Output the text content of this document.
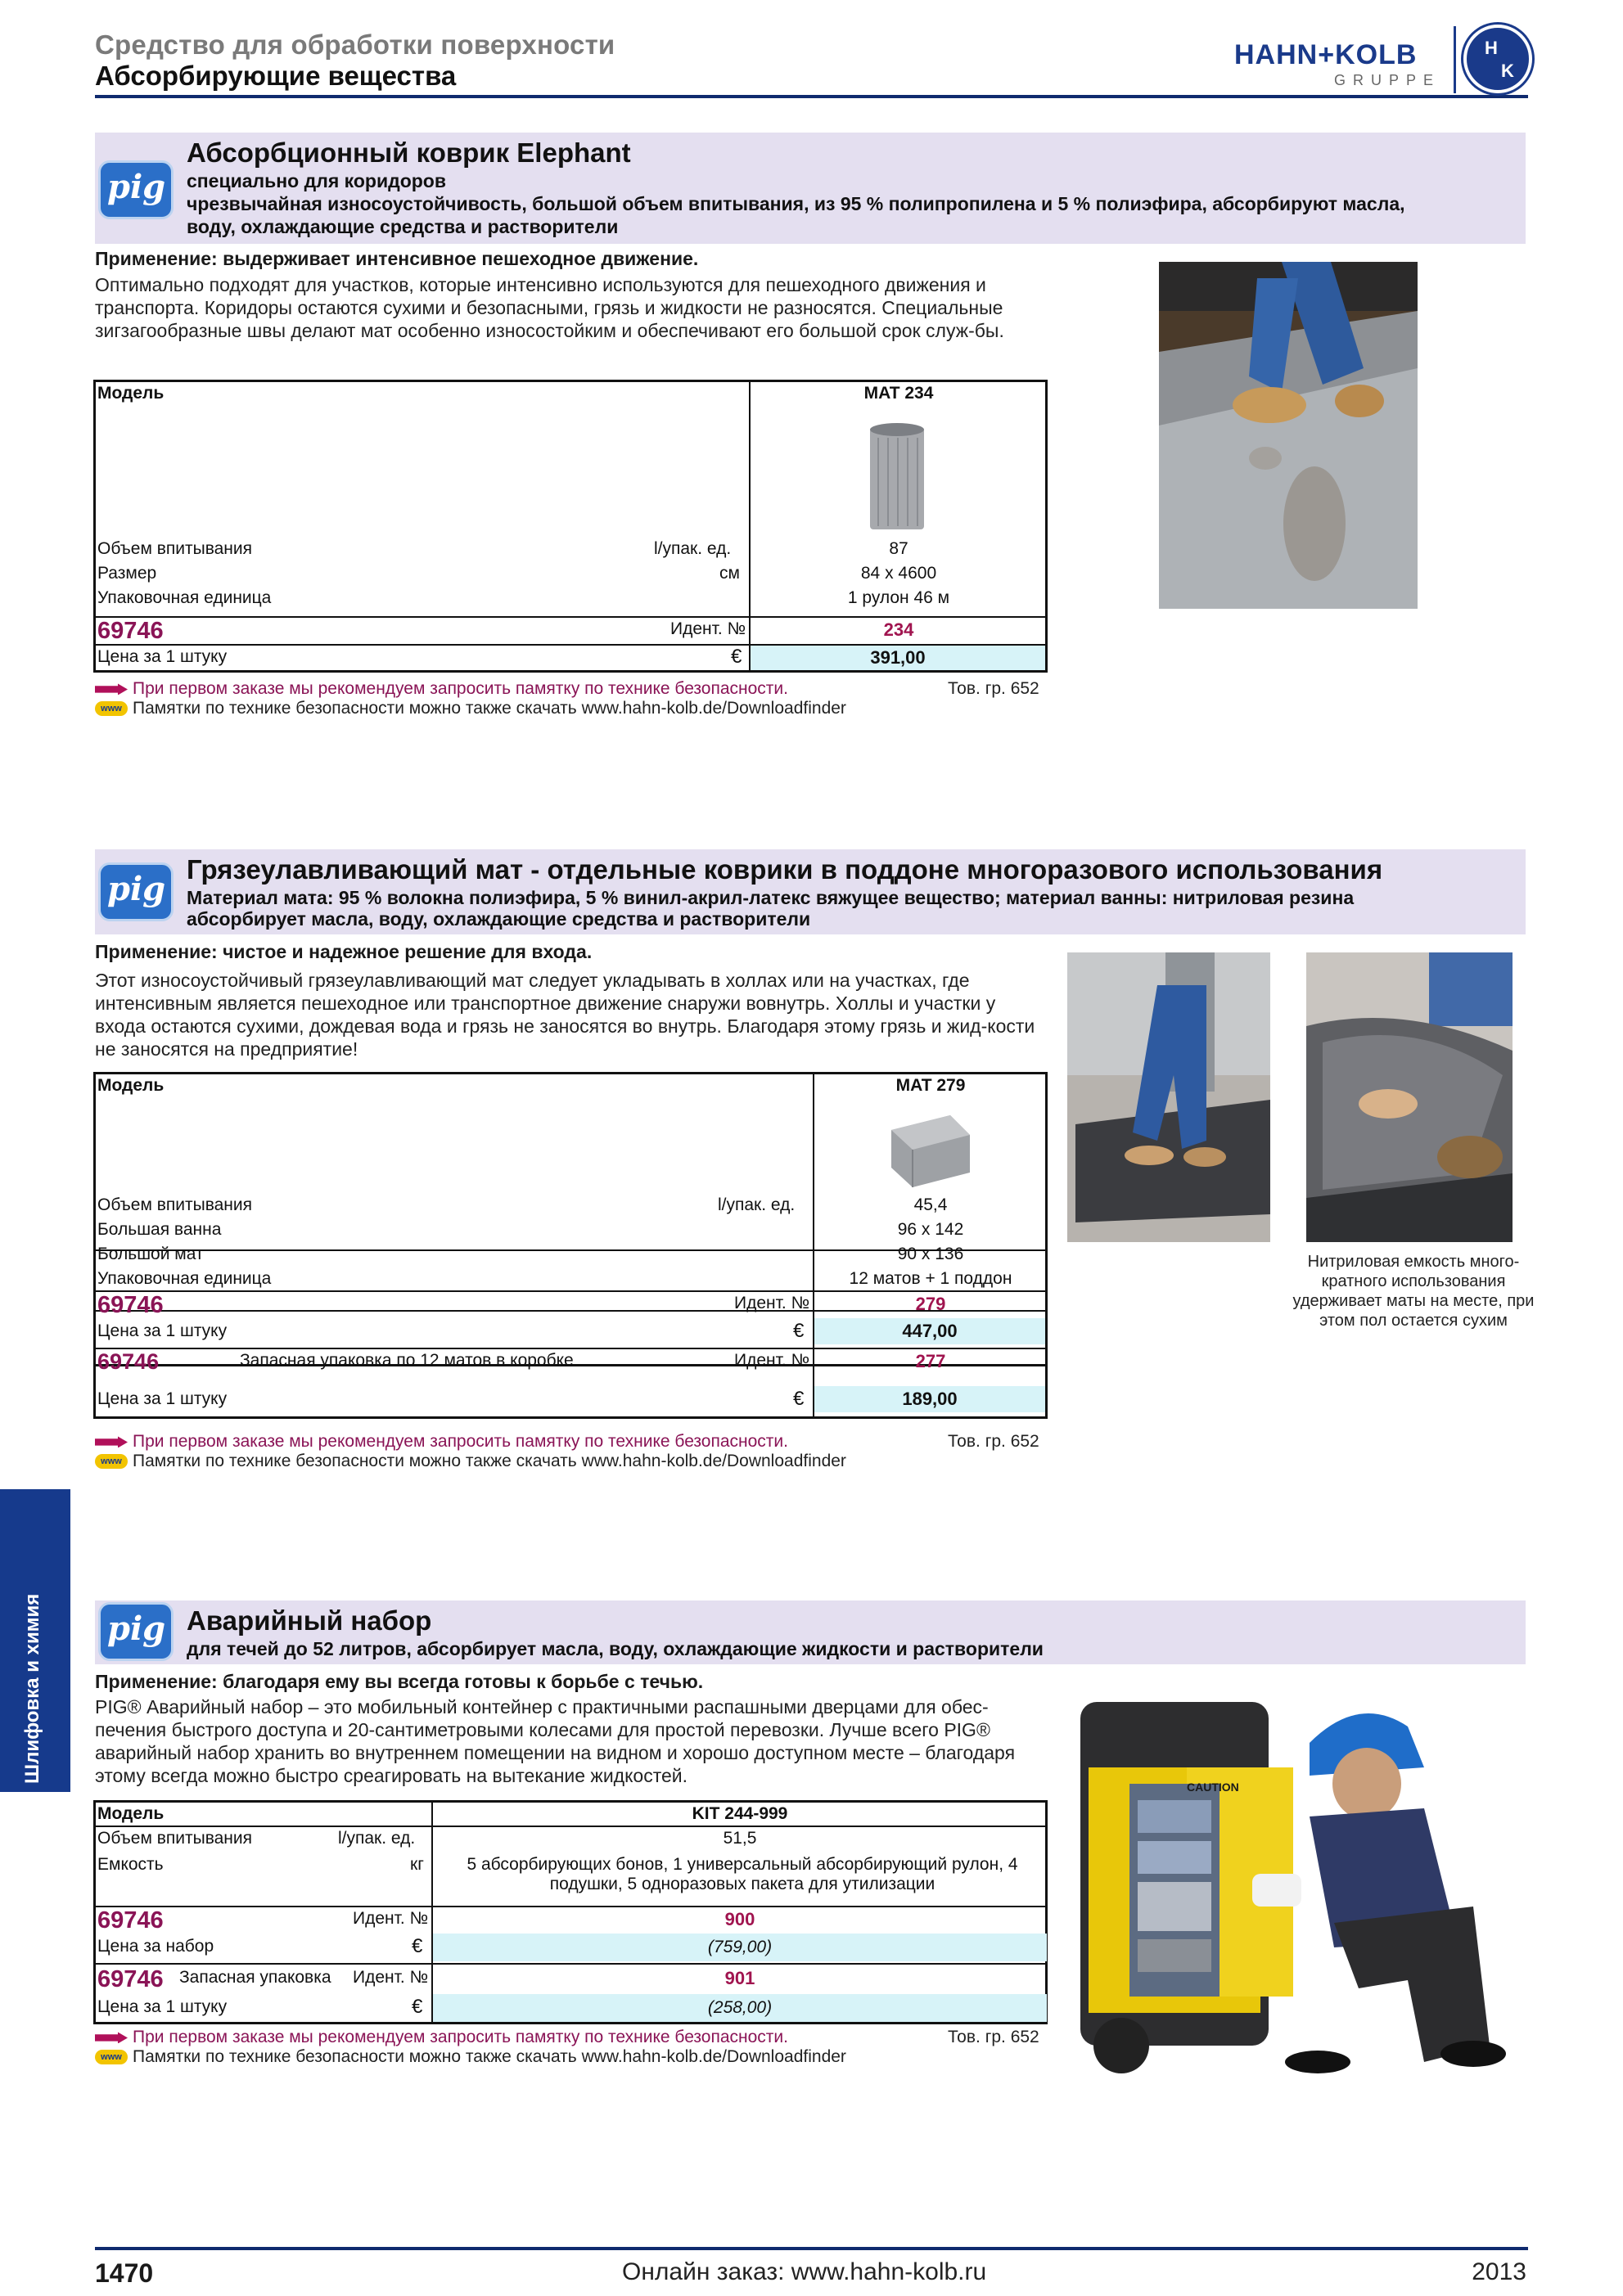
Средство для обработки поверхности
Абсорбирующие вещества
HAHN+KOLB
GRUPPE
H
K
Шлифовка и химия
pig
Абсорбционный коврик Elephant
специально для коридоров
чрезвычайная износоустойчивость, большой объем впитывания, из 95 % полипропилена и 5 % полиэфира, абсорбируют масла,
воду, охлаждающие средства и растворители
Применение: выдерживает интенсивное пешеходное движение.
Оптимально подходят для участков, которые интенсивно используются для пешеходного движения и транспорта. Коридоры остаются сухими и безопасными, грязь и жидкости не разносятся. Специальные зигзагообразные швы делают мат особенно износостойким и обеспечивают его большой срок служ-бы.
Модель	MAT 234
Объем впитывания	l/упак. ед.	87
Размер	см	84 x 4600
Упаковочная единица	1 рулон 46 м
69746	Идент. №	234
Цена за 1 штуку	€	391,00
При первом заказе мы рекомендуем запросить памятку по технике безопасности.
www Памятки по технике безопасности можно также скачать www.hahn-kolb.de/Downloadfinder
Тов. гр. 652
pig
Грязеулавливающий мат - отдельные коврики в поддоне многоразового использования
Материал мата: 95 % волокна полиэфира, 5 % винил-акрил-латекс вяжущее вещество; материал ванны: нитриловая резина
абсорбирует масла, воду, охлаждающие средства и растворители
Применение: чистое и надежное решение для входа.
Этот износоустойчивый грязеулавливающий мат следует укладывать в холлах или на участках, где интенсивным является пешеходное или транспортное движение снаружи вовнутрь. Холлы и участки у входа остаются сухими, дождевая вода и грязь не заносятся во внутрь. Благодаря этому грязь и жид-кости не заносятся на предприятие!
Нитриловая емкость много-кратного использования удерживает маты на месте, при этом пол остается сухим
Модель	MAT 279
Объем впитывания	l/упак. ед.	45,4
Большая ванна	96 x 142
Большой мат	90 x 136
Упаковочная единица	12 матов + 1 поддон
69746	Идент. №	279
Цена за 1 штуку	€	447,00
69746	Запасная упаковка по 12 матов в коробке	Идент. №	277
Цена за 1 штуку	€	189,00
При первом заказе мы рекомендуем запросить памятку по технике безопасности.
www Памятки по технике безопасности можно также скачать www.hahn-kolb.de/Downloadfinder
Тов. гр. 652
pig Аварийный набор
для течей до 52 литров, абсорбирует масла, воду, охлаждающие жидкости и растворители
Применение: благодаря ему вы всегда готовы к борьбе с течью.
PIG® Аварийный набор – это мобильный контейнер с практичными распашными дверцами для обес-печения быстрого доступа и 20-сантиметровыми колесами для простой перевозки. Лучше всего PIG® аварийный набор хранить во внутреннем помещении на видном и хорошо доступном месте – благодаря этому всегда можно быстро среагировать на вытекание жидкостей.
CAUTION
Модель	KIT 244-999
Объем впитывания	l/упак. ед.	51,5
Емкость	кг	5 абсорбирующих бонов, 1 универсальный абсорбирующий рулон, 4 подушки, 5 одноразовых пакета для утилизации
69746	Идент. №	900
Цена за набор	€	(759,00)
69746 Запасная упаковка Идент. №	901
Цена за 1 штуку	€	(258,00)
При первом заказе мы рекомендуем запросить памятку по технике безопасности.
www Памятки по технике безопасности можно также скачать www.hahn-kolb.de/Downloadfinder
Тов. гр. 652
1470	Онлайн заказ: www.hahn-kolb.ru	2013
